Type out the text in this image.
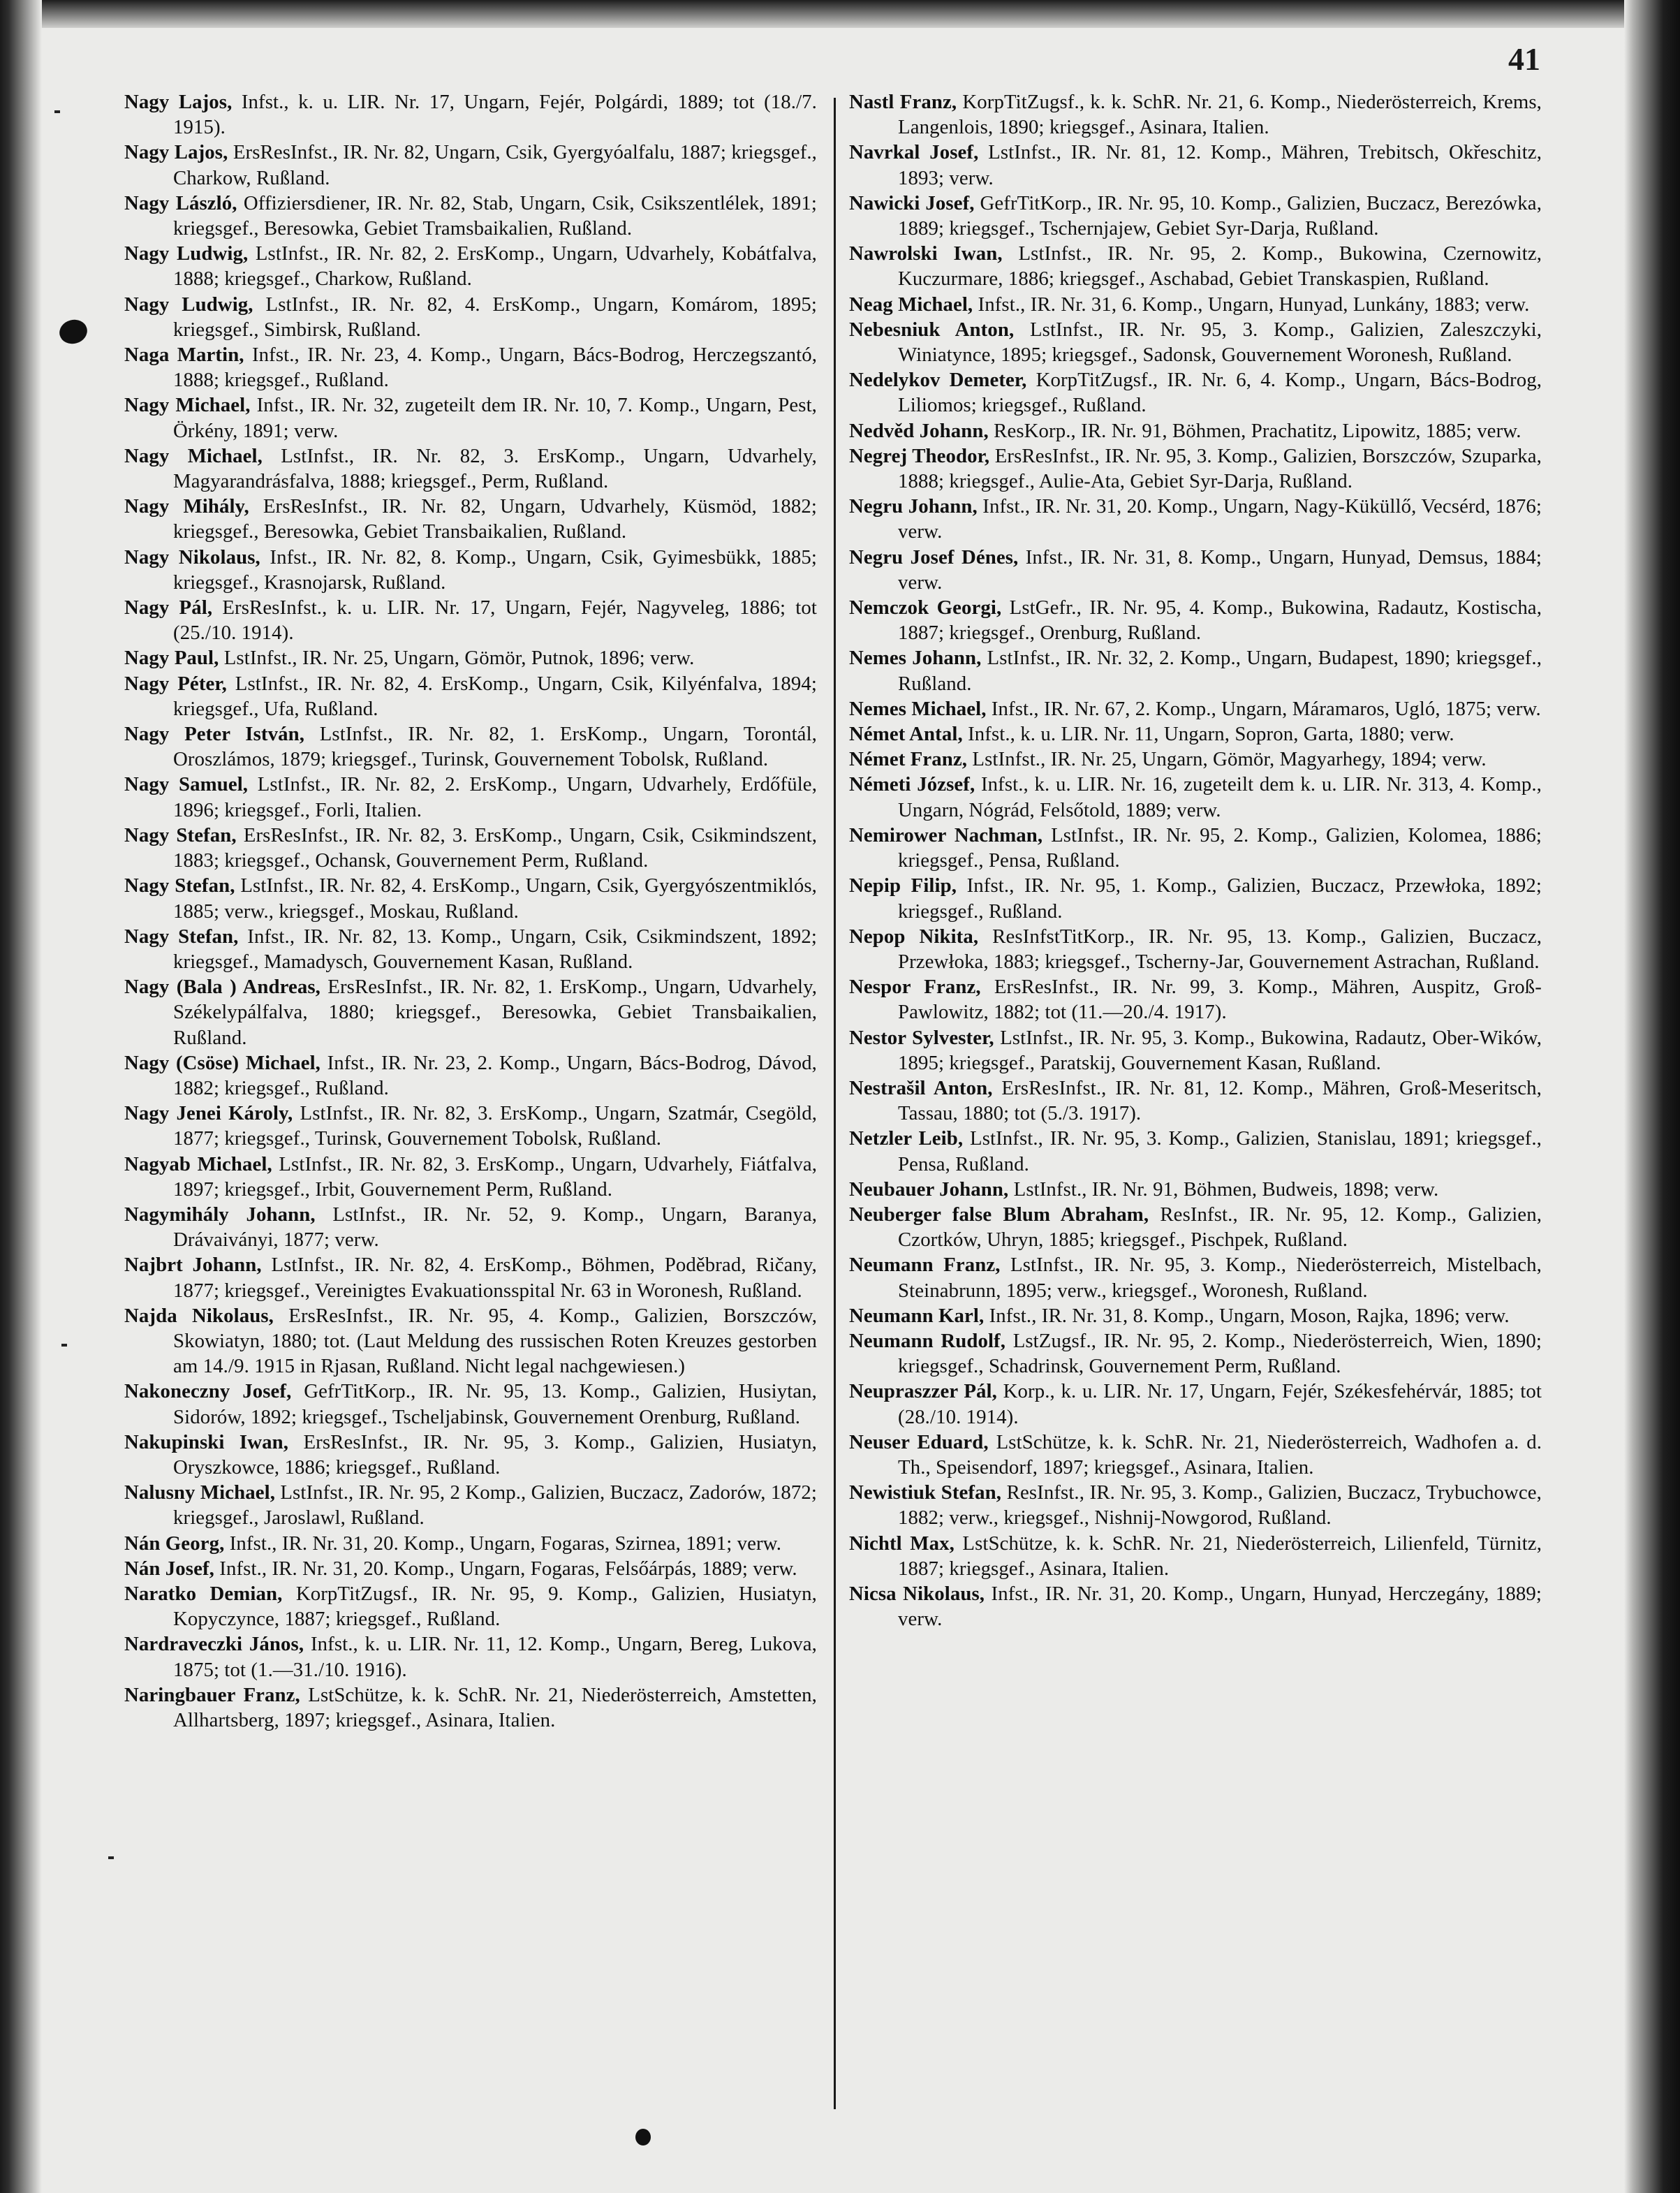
41

Nagy Lajos, Infst., k. u. LIR. Nr. 17, Ungarn, Fejér, Polgárdi, 1889; tot (18./7. 1915).

Nagy Lajos, ErsResInfst., IR. Nr. 82, Ungarn, Csik, Gyergyóalfalu, 1887; kriegsgef., Charkow, Rußland.

Nagy László, Offiziersdiener, IR. Nr. 82, Stab, Ungarn, Csik, Csikszentlélek, 1891; kriegsgef., Beresowka, Gebiet Tramsbaikalien, Rußland.

Nagy Ludwig, LstInfst., IR. Nr. 82, 2. ErsKomp., Ungarn, Udvarhely, Kobátfalva, 1888; kriegsgef., Charkow, Rußland.

Nagy Ludwig, LstInfst., IR. Nr. 82, 4. ErsKomp., Ungarn, Komárom, 1895; kriegsgef., Simbirsk, Rußland.

Naga Martin, Infst., IR. Nr. 23, 4. Komp., Ungarn, Bács-Bodrog, Herczegszantó, 1888; kriegsgef., Rußland.

Nagy Michael, Infst., IR. Nr. 32, zugeteilt dem IR. Nr. 10, 7. Komp., Ungarn, Pest, Örkény, 1891; verw.

Nagy Michael, LstInfst., IR. Nr. 82, 3. ErsKomp., Ungarn, Udvarhely, Magyarandrásfalva, 1888; kriegsgef., Perm, Rußland.

Nagy Mihály, ErsResInfst., IR. Nr. 82, Ungarn, Udvarhely, Küsmöd, 1882; kriegsgef., Beresowka, Gebiet Transbaikalien, Rußland.

Nagy Nikolaus, Infst., IR. Nr. 82, 8. Komp., Ungarn, Csik, Gyimesbükk, 1885; kriegsgef., Krasnojarsk, Rußland.

Nagy Pál, ErsResInfst., k. u. LIR. Nr. 17, Ungarn, Fejér, Nagyveleg, 1886; tot (25./10. 1914).

Nagy Paul, LstInfst., IR. Nr. 25, Ungarn, Gömör, Putnok, 1896; verw.

Nagy Péter, LstInfst., IR. Nr. 82, 4. ErsKomp., Ungarn, Csik, Kilyénfalva, 1894; kriegsgef., Ufa, Rußland.

Nagy Peter István, LstInfst., IR. Nr. 82, 1. ErsKomp., Ungarn, Torontál, Oroszlámos, 1879; kriegsgef., Turinsk, Gouvernement Tobolsk, Rußland.

Nagy Samuel, LstInfst., IR. Nr. 82, 2. ErsKomp., Ungarn, Udvarhely, Erdőfüle, 1896; kriegsgef., Forli, Italien.

Nagy Stefan, ErsResInfst., IR. Nr. 82, 3. ErsKomp., Ungarn, Csik, Csikmindszent, 1883; kriegsgef., Ochansk, Gouvernement Perm, Rußland.

Nagy Stefan, LstInfst., IR. Nr. 82, 4. ErsKomp., Ungarn, Csik, Gyergyószentmiklós, 1885; verw., kriegsgef., Moskau, Rußland.

Nagy Stefan, Infst., IR. Nr. 82, 13. Komp., Ungarn, Csik, Csikmindszent, 1892; kriegsgef., Mamadysch, Gouvernement Kasan, Rußland.

Nagy (Bala ) Andreas, ErsResInfst., IR. Nr. 82, 1. ErsKomp., Ungarn, Udvarhely, Székelypálfalva, 1880; kriegsgef., Beresowka, Gebiet Transbaikalien, Rußland.

Nagy (Csöse) Michael, Infst., IR. Nr. 23, 2. Komp., Ungarn, Bács-Bodrog, Dávod, 1882; kriegsgef., Rußland.

Nagy Jenei Károly, LstInfst., IR. Nr. 82, 3. ErsKomp., Ungarn, Szatmár, Csegöld, 1877; kriegsgef., Turinsk, Gouvernement Tobolsk, Rußland.

Nagyab Michael, LstInfst., IR. Nr. 82, 3. ErsKomp., Ungarn, Udvarhely, Fiátfalva, 1897; kriegsgef., Irbit, Gouvernement Perm, Rußland.

Nagymihály Johann, LstInfst., IR. Nr. 52, 9. Komp., Ungarn, Baranya, Drávaiványi, 1877; verw.

Najbrt Johann, LstInfst., IR. Nr. 82, 4. ErsKomp., Böhmen, Poděbrad, Ričany, 1877; kriegsgef., Vereinigtes Evakuationsspital Nr. 63 in Woronesh, Rußland.

Najda Nikolaus, ErsResInfst., IR. Nr. 95, 4. Komp., Galizien, Borszczów, Skowiatyn, 1880; tot. (Laut Meldung des russischen Roten Kreuzes gestorben am 14./9. 1915 in Rjasan, Rußland. Nicht legal nachgewiesen.)

Nakoneczny Josef, GefrTitKorp., IR. Nr. 95, 13. Komp., Galizien, Husiytan, Sidorów, 1892; kriegsgef., Tscheljabinsk, Gouvernement Orenburg, Rußland.

Nakupinski Iwan, ErsResInfst., IR. Nr. 95, 3. Komp., Galizien, Husiatyn, Oryszkowce, 1886; kriegsgef., Rußland.

Nalusny Michael, LstInfst., IR. Nr. 95, 2 Komp., Galizien, Buczacz, Zadorów, 1872; kriegsgef., Jaroslawl, Rußland.

Nán Georg, Infst., IR. Nr. 31, 20. Komp., Ungarn, Fogaras, Szirnea, 1891; verw.

Nán Josef, Infst., IR. Nr. 31, 20. Komp., Ungarn, Fogaras, Felsőárpás, 1889; verw.

Naratko Demian, KorpTitZugsf., IR. Nr. 95, 9. Komp., Galizien, Husiatyn, Kopyczynce, 1887; kriegsgef., Rußland.

Nardraveczki János, Infst., k. u. LIR. Nr. 11, 12. Komp., Ungarn, Bereg, Lukova, 1875; tot (1.—31./10. 1916).

Naringbauer Franz, LstSchütze, k. k. SchR. Nr. 21, Niederösterreich, Amstetten, Allhartsberg, 1897; kriegsgef., Asinara, Italien.

Nastl Franz, KorpTitZugsf., k. k. SchR. Nr. 21, 6. Komp., Niederösterreich, Krems, Langenlois, 1890; kriegsgef., Asinara, Italien.

Navrkal Josef, LstInfst., IR. Nr. 81, 12. Komp., Mähren, Trebitsch, Okřeschitz, 1893; verw.

Nawicki Josef, GefrTitKorp., IR. Nr. 95, 10. Komp., Galizien, Buczacz, Berezówka, 1889; kriegsgef., Tschernjajew, Gebiet Syr-Darja, Rußland.

Nawrolski Iwan, LstInfst., IR. Nr. 95, 2. Komp., Bukowina, Czernowitz, Kuczurmare, 1886; kriegsgef., Aschabad, Gebiet Transkaspien, Rußland.

Neag Michael, Infst., IR. Nr. 31, 6. Komp., Ungarn, Hunyad, Lunkány, 1883; verw.

Nebesniuk Anton, LstInfst., IR. Nr. 95, 3. Komp., Galizien, Zaleszczyki, Winiatynce, 1895; kriegsgef., Sadonsk, Gouvernement Woronesh, Rußland.

Nedelykov Demeter, KorpTitZugsf., IR. Nr. 6, 4. Komp., Ungarn, Bács-Bodrog, Liliomos; kriegsgef., Rußland.

Nedvěd Johann, ResKorp., IR. Nr. 91, Böhmen, Prachatitz, Lipowitz, 1885; verw.

Negrej Theodor, ErsResInfst., IR. Nr. 95, 3. Komp., Galizien, Borszczów, Szuparka, 1888; kriegsgef., Aulie-Ata, Gebiet Syr-Darja, Rußland.

Negru Johann, Infst., IR. Nr. 31, 20. Komp., Ungarn, Nagy-Küküllő, Vecsérd, 1876; verw.

Negru Josef Dénes, Infst., IR. Nr. 31, 8. Komp., Ungarn, Hunyad, Demsus, 1884; verw.

Nemczok Georgi, LstGefr., IR. Nr. 95, 4. Komp., Bukowina, Radautz, Kostischa, 1887; kriegsgef., Orenburg, Rußland.

Nemes Johann, LstInfst., IR. Nr. 32, 2. Komp., Ungarn, Budapest, 1890; kriegsgef., Rußland.

Nemes Michael, Infst., IR. Nr. 67, 2. Komp., Ungarn, Máramaros, Ugló, 1875; verw.

Német Antal, Infst., k. u. LIR. Nr. 11, Ungarn, Sopron, Garta, 1880; verw.

Német Franz, LstInfst., IR. Nr. 25, Ungarn, Gömör, Magyarhegy, 1894; verw.

Németi József, Infst., k. u. LIR. Nr. 16, zugeteilt dem k. u. LIR. Nr. 313, 4. Komp., Ungarn, Nógrád, Felsőtold, 1889; verw.

Nemirower Nachman, LstInfst., IR. Nr. 95, 2. Komp., Galizien, Kolomea, 1886; kriegsgef., Pensa, Rußland.

Nepip Filip, Infst., IR. Nr. 95, 1. Komp., Galizien, Buczacz, Przewłoka, 1892; kriegsgef., Rußland.

Nepop Nikita, ResInfstTitKorp., IR. Nr. 95, 13. Komp., Galizien, Buczacz, Przewłoka, 1883; kriegsgef., Tscherny-Jar, Gouvernement Astrachan, Rußland.

Nespor Franz, ErsResInfst., IR. Nr. 99, 3. Komp., Mähren, Auspitz, Groß-Pawlowitz, 1882; tot (11.—20./4. 1917).

Nestor Sylvester, LstInfst., IR. Nr. 95, 3. Komp., Bukowina, Radautz, Ober-Wików, 1895; kriegsgef., Paratskij, Gouvernement Kasan, Rußland.

Nestrašil Anton, ErsResInfst., IR. Nr. 81, 12. Komp., Mähren, Groß-Meseritsch, Tassau, 1880; tot (5./3. 1917).

Netzler Leib, LstInfst., IR. Nr. 95, 3. Komp., Galizien, Stanislau, 1891; kriegsgef., Pensa, Rußland.

Neubauer Johann, LstInfst., IR. Nr. 91, Böhmen, Budweis, 1898; verw.

Neuberger false Blum Abraham, ResInfst., IR. Nr. 95, 12. Komp., Galizien, Czortków, Uhryn, 1885; kriegsgef., Pischpek, Rußland.

Neumann Franz, LstInfst., IR. Nr. 95, 3. Komp., Niederösterreich, Mistelbach, Steinabrunn, 1895; verw., kriegsgef., Woronesh, Rußland.

Neumann Karl, Infst., IR. Nr. 31, 8. Komp., Ungarn, Moson, Rajka, 1896; verw.

Neumann Rudolf, LstZugsf., IR. Nr. 95, 2. Komp., Niederösterreich, Wien, 1890; kriegsgef., Schadrinsk, Gouvernement Perm, Rußland.

Neupraszzer Pál, Korp., k. u. LIR. Nr. 17, Ungarn, Fejér, Székesfehérvár, 1885; tot (28./10. 1914).

Neuser Eduard, LstSchütze, k. k. SchR. Nr. 21, Niederösterreich, Wadhofen a. d. Th., Speisendorf, 1897; kriegsgef., Asinara, Italien.

Newistiuk Stefan, ResInfst., IR. Nr. 95, 3. Komp., Galizien, Buczacz, Trybuchowce, 1882; verw., kriegsgef., Nishnij-Nowgorod, Rußland.

Nichtl Max, LstSchütze, k. k. SchR. Nr. 21, Niederösterreich, Lilienfeld, Türnitz, 1887; kriegsgef., Asinara, Italien.

Nicsa Nikolaus, Infst., IR. Nr. 31, 20. Komp., Ungarn, Hunyad, Herczegány, 1889; verw.
